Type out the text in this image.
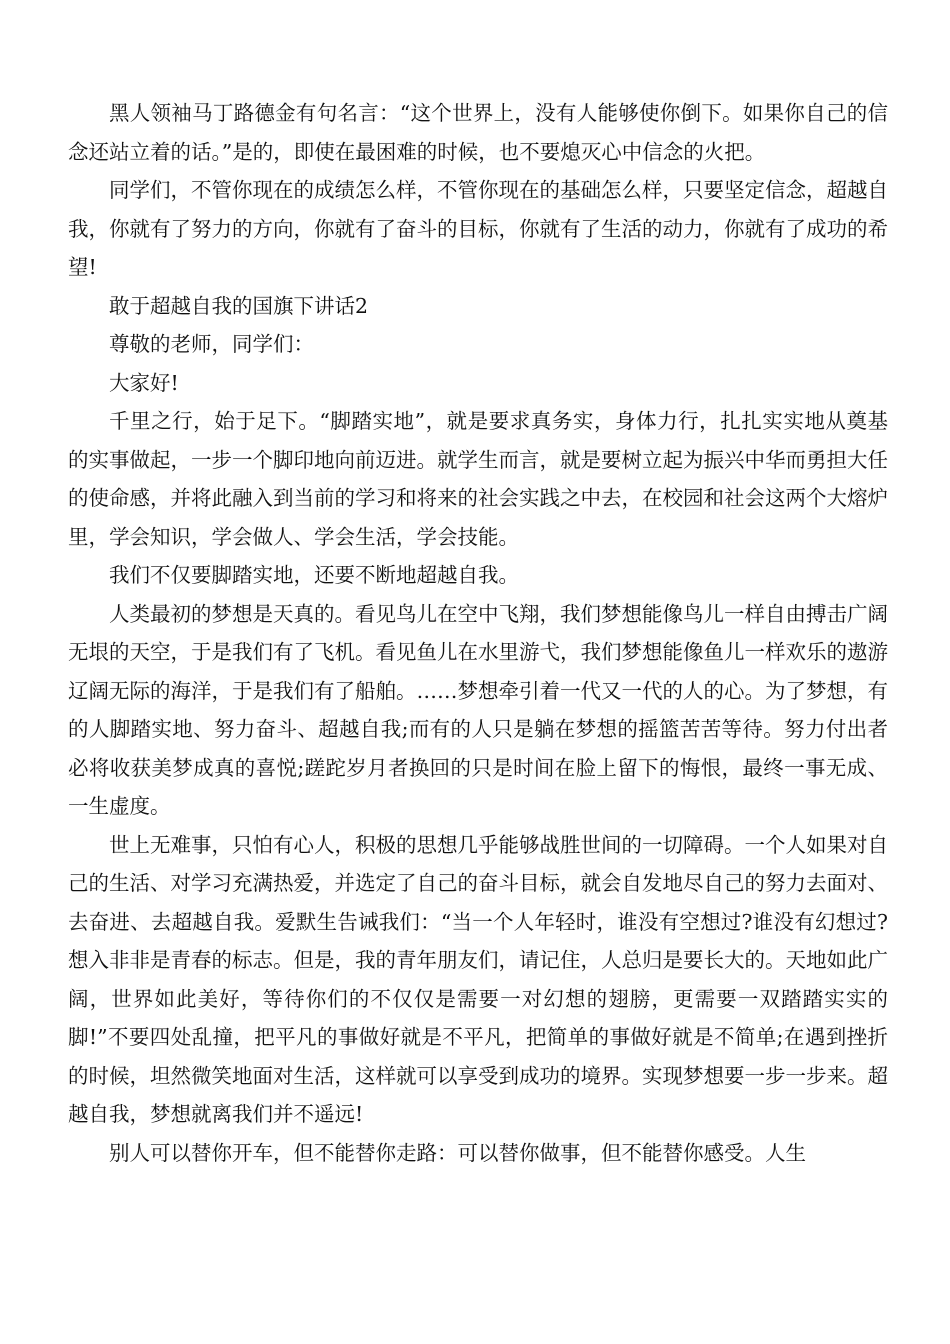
黑人领袖马丁路德金有句名言：“这个世界上，没有人能够使你倒下。如果你自己的信念还站立着的话。”是的，即使在最困难的时候，也不要熄灭心中信念的火把。

同学们，不管你现在的成绩怎么样，不管你现在的基础怎么样，只要坚定信念，超越自我，你就有了努力的方向，你就有了奋斗的目标，你就有了生活的动力，你就有了成功的希望!

敢于超越自我的国旗下讲话2

尊敬的老师，同学们：

大家好!

千里之行，始于足下。“脚踏实地”，就是要求真务实，身体力行，扎扎实实地从奠基的实事做起，一步一个脚印地向前迈进。就学生而言，就是要树立起为振兴中华而勇担大任的使命感，并将此融入到当前的学习和将来的社会实践之中去，在校园和社会这两个大熔炉里，学会知识，学会做人、学会生活，学会技能。

我们不仅要脚踏实地，还要不断地超越自我。

人类最初的梦想是天真的。看见鸟儿在空中飞翔，我们梦想能像鸟儿一样自由搏击广阔无垠的天空，于是我们有了飞机。看见鱼儿在水里游弋，我们梦想能像鱼儿一样欢乐的遨游辽阔无际的海洋，于是我们有了船舶。……梦想牵引着一代又一代的人的心。为了梦想，有的人脚踏实地、努力奋斗、超越自我;而有的人只是躺在梦想的摇篮苦苦等待。努力付出者必将收获美梦成真的喜悦;蹉跎岁月者换回的只是时间在脸上留下的悔恨，最终一事无成、一生虚度。

世上无难事，只怕有心人，积极的思想几乎能够战胜世间的一切障碍。一个人如果对自己的生活、对学习充满热爱，并选定了自己的奋斗目标，就会自发地尽自己的努力去面对、去奋进、去超越自我。爱默生告诫我们：“当一个人年轻时，谁没有空想过?谁没有幻想过?想入非非是青春的标志。但是，我的青年朋友们，请记住，人总归是要长大的。天地如此广阔，世界如此美好，等待你们的不仅仅是需要一对幻想的翅膀，更需要一双踏踏实实的脚!”不要四处乱撞，把平凡的事做好就是不平凡，把简单的事做好就是不简单;在遇到挫折的时候，坦然微笑地面对生活，这样就可以享受到成功的境界。实现梦想要一步一步来。超越自我，梦想就离我们并不遥远!

别人可以替你开车，但不能替你走路：可以替你做事，但不能替你感受。人生
